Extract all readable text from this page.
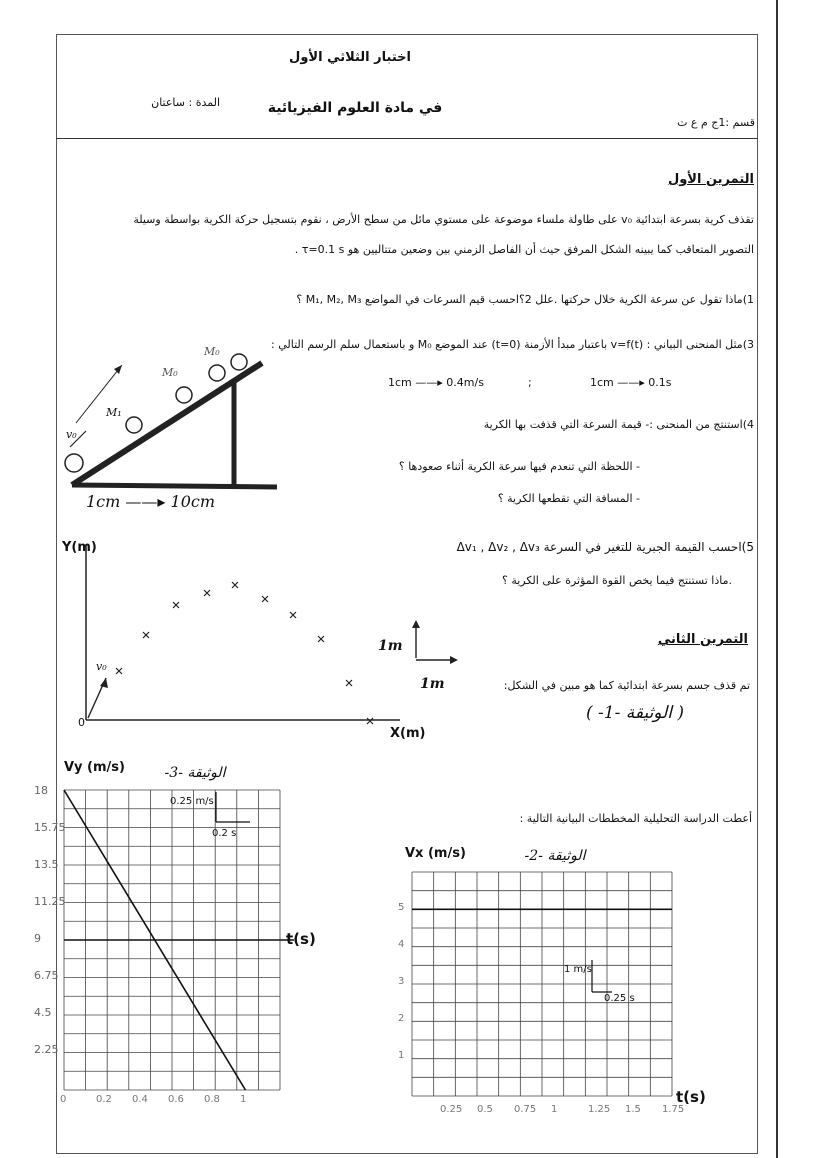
اختبار الثلاثي الأول
في مادة العلوم الفيزيائية
المدة : ساعتان
قسم :1ج م ع ت
التمرين الأول
تقذف كرية بسرعة ابتدائية v₀ على طاولة ملساء موضوعة على مستوي مائل من سطح الأرض ، نقوم بتسجيل حركة الكرية بواسطة وسيلة
التصوير المتعاقب كما يبينه الشكل المرفق حيث أن الفاصل الزمني بين وضعين متتاليين هو τ=0.1 s .
1)ماذا تقول عن سرعة الكرية خلال حركتها .علل 2؟احسب قيم السرعات في المواضع M₁, M₂, M₃ ؟
3)مثل المنحنى البياني : v=f(t) باعتبار مبدأ الأزمنة (t=0) عند الموضع M₀ و باستعمال سلم الرسم التالي :
1cm ——▸ 0.4m/s	;	1cm ——▸ 0.1s
4)استنتج من المنحنى :- قيمة السرعة التي قذفت بها الكرية
- اللحظة التي تنعدم فيها سرعة الكرية أثناء صعودها ؟
- المسافة التي تقطعها الكرية ؟
5)احسب القيمة الجبرية للتغير في السرعة Δv₁ , Δv₂ , Δv₃
.ماذا تستنتج فيما يخص القوة المؤثرة على الكرية ؟
M₁
M₀
M₀
v₀
1cm ——▸ 10cm
Y(m)
X(m)
0
v₀
1m
1m
التمرين الثاني
تم قذف جسم بسرعة ابتدائية كما هو مبين في الشكل:
( الوثيقة -1- )
أعطت الدراسة التحليلية المخططات البيانية التالية :
Vy (m/s)	الوثيقة -3-
t(s)
0.25 m/s
0.2 s
18
15.75
13.5
11.25
9
6.75
4.5
2.25
0	0.2 0.4 0.6 0.8 1
Vx (m/s)	الوثيقة -2-
t(s)
1 m/s
0.25 s
5
4
3
2
1
0.25 0.5 0.75 1	1.25 1.5 1.75
